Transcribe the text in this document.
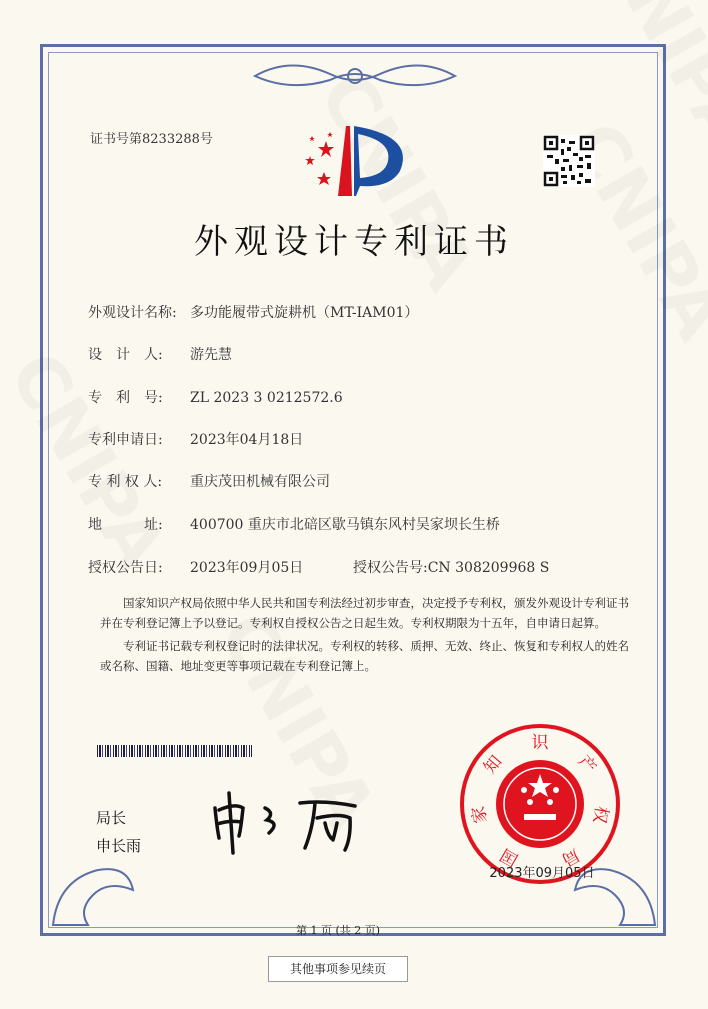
证书号第8233288号
外观设计专利证书
外观设计名称: 多功能履带式旋耕机（MT-IAM01）
设　计　人: 游先慧
专　利　号: ZL 2023 3 0212572.6
专利申请日: 2023年04月18日
专 利 权 人: 重庆茂田机械有限公司
地　　　址: 400700 重庆市北碚区歇马镇东风村吴家坝长生桥
授权公告日: 2023年09月05日	授权公告号:CN 308209968 S

国家知识产权局依照中华人民共和国专利法经过初步审查，决定授予专利权，颁发外观设计专利证书并在专利登记簿上予以登记。专利权自授权公告之日起生效。专利权期限为十五年，自申请日起算。

专利证书记载专利权登记时的法律状况。专利权的转移、质押、无效、终止、恢复和专利权人的姓名或名称、国籍、地址变更等事项记载在专利登记簿上。

局长
申长雨	国
家
知
识
产
权
局
2023年09月05日
第 1 页 (共 2 页)
其他事项参见续页
